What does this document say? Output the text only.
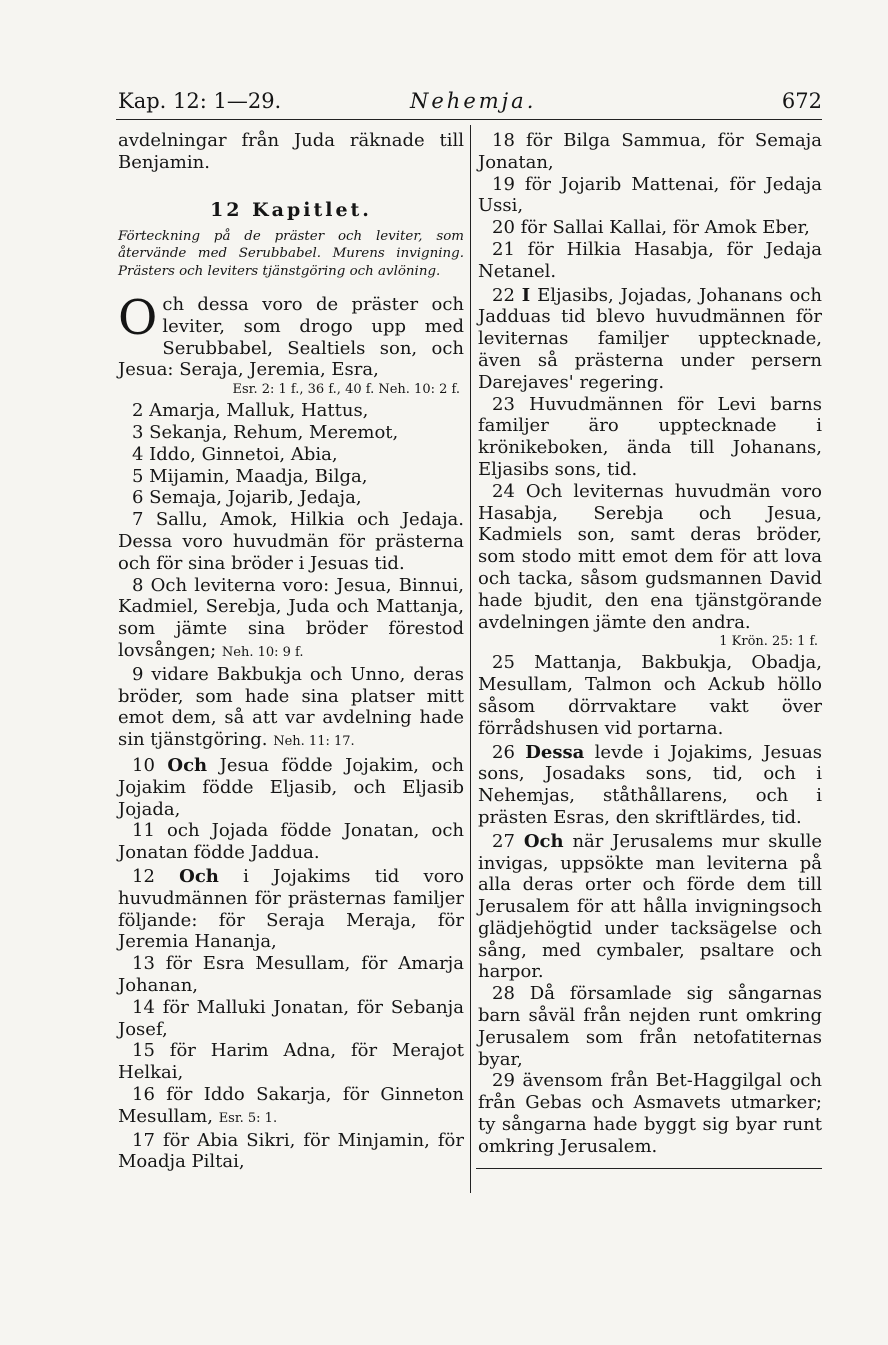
Kap. 12: 1—29.	Nehemja.	672

avdelningar från Juda räknade till Benjamin.

12 Kapitlet.

Förteckning på de präster och leviter, som återvände med Serubbabel. Murens invigning. Prästers och leviters tjänstgöring och avlöning.

Och dessa voro de präster och leviter, som drogo upp med Serubbabel, Sealtiels son, och Jesua: Seraja, Jeremia, Esra,

Esr. 2: 1 f., 36 f., 40 f. Neh. 10: 2 f.

2 Amarja, Malluk, Hattus,

3 Sekanja, Rehum, Meremot,

4 Iddo, Ginnetoi, Abia,

5 Mijamin, Maadja, Bilga,

6 Semaja, Jojarib, Jedaja,

7 Sallu, Amok, Hilkia och Jedaja. Dessa voro huvudmän för prästerna och för sina bröder i Jesuas tid.

8 Och leviterna voro: Jesua, Binnui, Kadmiel, Serebja, Juda och Mattanja, som jämte sina bröder förestod lovsången; Neh. 10: 9 f.

9 vidare Bakbukja och Unno, deras bröder, som hade sina platser mitt emot dem, så att var avdelning hade sin tjänstgöring. Neh. 11: 17.

10 Och Jesua födde Jojakim, och Jojakim födde Eljasib, och Eljasib Jojada,

11 och Jojada födde Jonatan, och Jonatan födde Jaddua.

12 Och i Jojakims tid voro huvudmännen för prästernas familjer följande: för Seraja Meraja, för Jeremia Hananja,

13 för Esra Mesullam, för Amarja Johanan,

14 för Malluki Jonatan, för Sebanja Josef,

15 för Harim Adna, för Merajot Helkai,

16 för Iddo Sakarja, för Ginneton Mesullam, Esr. 5: 1.

17 för Abia Sikri, för Minjamin, för Moadja Piltai,

18 för Bilga Sammua, för Semaja Jonatan,

19 för Jojarib Mattenai, för Jedaja Ussi,

20 för Sallai Kallai, för Amok Eber,

21 för Hilkia Hasabja, för Jedaja Netanel.

22 I Eljasibs, Jojadas, Johanans och Jadduas tid blevo huvudmännen för leviternas familjer upptecknade, även så prästerna under persern Darejaves' regering.

23 Huvudmännen för Levi barns familjer äro upptecknade i krönikeboken, ända till Johanans, Eljasibs sons, tid.

24 Och leviternas huvudmän voro Hasabja, Serebja och Jesua, Kadmiels son, samt deras bröder, som stodo mitt emot dem för att lova och tacka, såsom gudsmannen David hade bjudit, den ena tjänstgörande avdelningen jämte den andra.

1 Krön. 25: 1 f.

25 Mattanja, Bakbukja, Obadja, Mesullam, Talmon och Ackub höllo såsom dörrvaktare vakt över förrådshusen vid portarna.

26 Dessa levde i Jojakims, Jesuas sons, Josadaks sons, tid, och i Nehemjas, ståthållarens, och i prästen Esras, den skriftlärdes, tid.

27 Och när Jerusalems mur skulle invigas, uppsökte man leviterna på alla deras orter och förde dem till Jerusalem för att hålla invigningsoch glädjehögtid under tacksägelse och sång, med cymbaler, psaltare och harpor.

28 Då församlade sig sångarnas barn såväl från nejden runt omkring Jerusalem som från netofatiternas byar,

29 ävensom från Bet-Haggilgal och från Gebas och Asmavets utmarker; ty sångarna hade byggt sig byar runt omkring Jerusalem.
